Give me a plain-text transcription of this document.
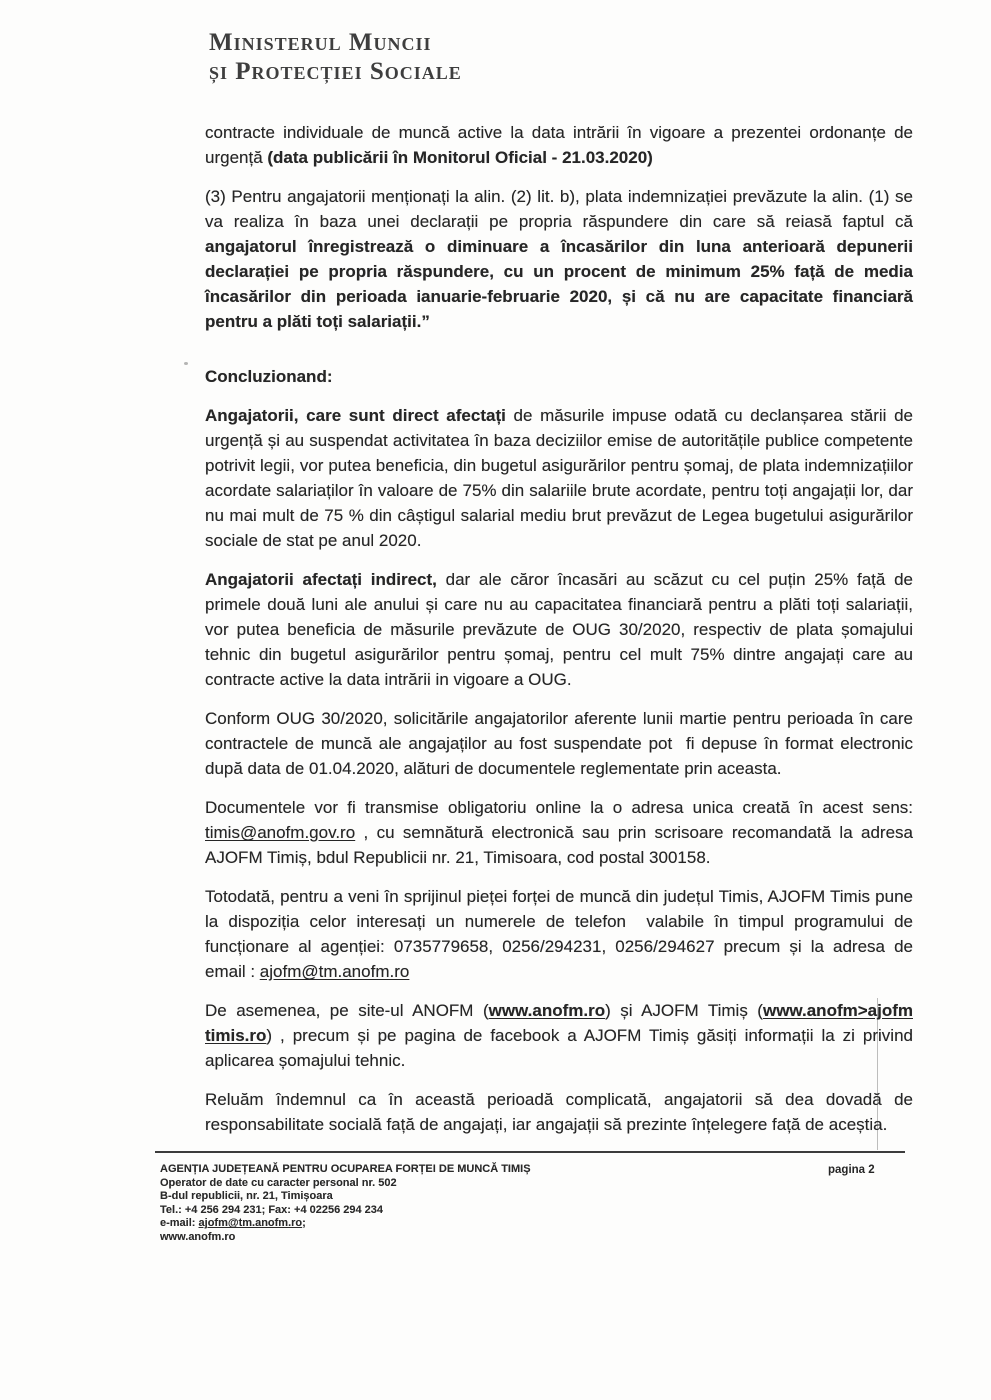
Ministerul Muncii
și Protecției Sociale

contracte individuale de muncă active la data intrării în vigoare a prezentei ordonanțe de urgență (data publicării în Monitorul Oficial - 21.03.2020)

(3) Pentru angajatorii menționați la alin. (2) lit. b), plata indemnizației prevăzute la alin. (1) se va realiza în baza unei declarații pe propria răspundere din care să reiasă faptul că angajatorul înregistrează o diminuare a încasărilor din luna anterioară depunerii declarației pe propria răspundere, cu un procent de minimum 25% față de media încasărilor din perioada ianuarie-februarie 2020, și că nu are capacitate financiară pentru a plăti toți salariații.”

Concluzionand:

Angajatorii, care sunt direct afectați de măsurile impuse odată cu declanșarea stării de urgență și au suspendat activitatea în baza deciziilor emise de autoritățile publice competente potrivit legii, vor putea beneficia, din bugetul asigurărilor pentru șomaj, de plata indemnizațiilor acordate salariaților în valoare de 75% din salariile brute acordate, pentru toți angajații lor, dar nu mai mult de 75 % din câștigul salarial mediu brut prevăzut de Legea bugetului asigurărilor sociale de stat pe anul 2020.

Angajatorii afectați indirect, dar ale căror încasări au scăzut cu cel puțin 25% față de primele două luni ale anului și care nu au capacitatea financiară pentru a plăti toți salariații, vor putea beneficia de măsurile prevăzute de OUG 30/2020, respectiv de plata șomajului tehnic din bugetul asigurărilor pentru șomaj, pentru cel mult 75% dintre angajați care au contracte active la data intrării in vigoare a OUG.

Conform OUG 30/2020, solicitările angajatorilor aferente lunii martie pentru perioada în care contractele de muncă ale angajaților au fost suspendate pot  fi depuse în format electronic după data de 01.04.2020, alături de documentele reglementate prin aceasta.

Documentele vor fi transmise obligatoriu online la o adresa unica creată în acest sens: timis@anofm.gov.ro , cu semnătură electronică sau prin scrisoare recomandată la adresa AJOFM Timiș, bdul Republicii nr. 21, Timisoara, cod postal 300158.

Totodată, pentru a veni în sprijinul pieței forței de muncă din județul Timis, AJOFM Timis pune la dispoziția celor interesați un numerele de telefon  valabile în timpul programului de funcționare al agenției: 0735779658, 0256/294231, 0256/294627 precum și la adresa de email : ajofm@tm.anofm.ro

De asemenea, pe site-ul ANOFM (www.anofm.ro) și AJOFM Timiș (www.anofm>ajofm timis.ro) , precum și pe pagina de facebook a AJOFM Timiș găsiți informații la zi privind aplicarea șomajului tehnic.

Reluăm îndemnul ca în această perioadă complicată, angajatorii să dea dovadă de responsabilitate socială față de angajați, iar angajații să prezinte înțelegere față de aceștia.

AGENȚIA JUDEȚEANĂ PENTRU OCUPAREA FORȚEI DE MUNCĂ TIMIȘ
Operator de date cu caracter personal nr. 502
B-dul republicii, nr. 21, Timișoara
Tel.: +4 256 294 231; Fax: +4 02256 294 234
e-mail: ajofm@tm.anofm.ro;
www.anofm.ro
pagina 2
